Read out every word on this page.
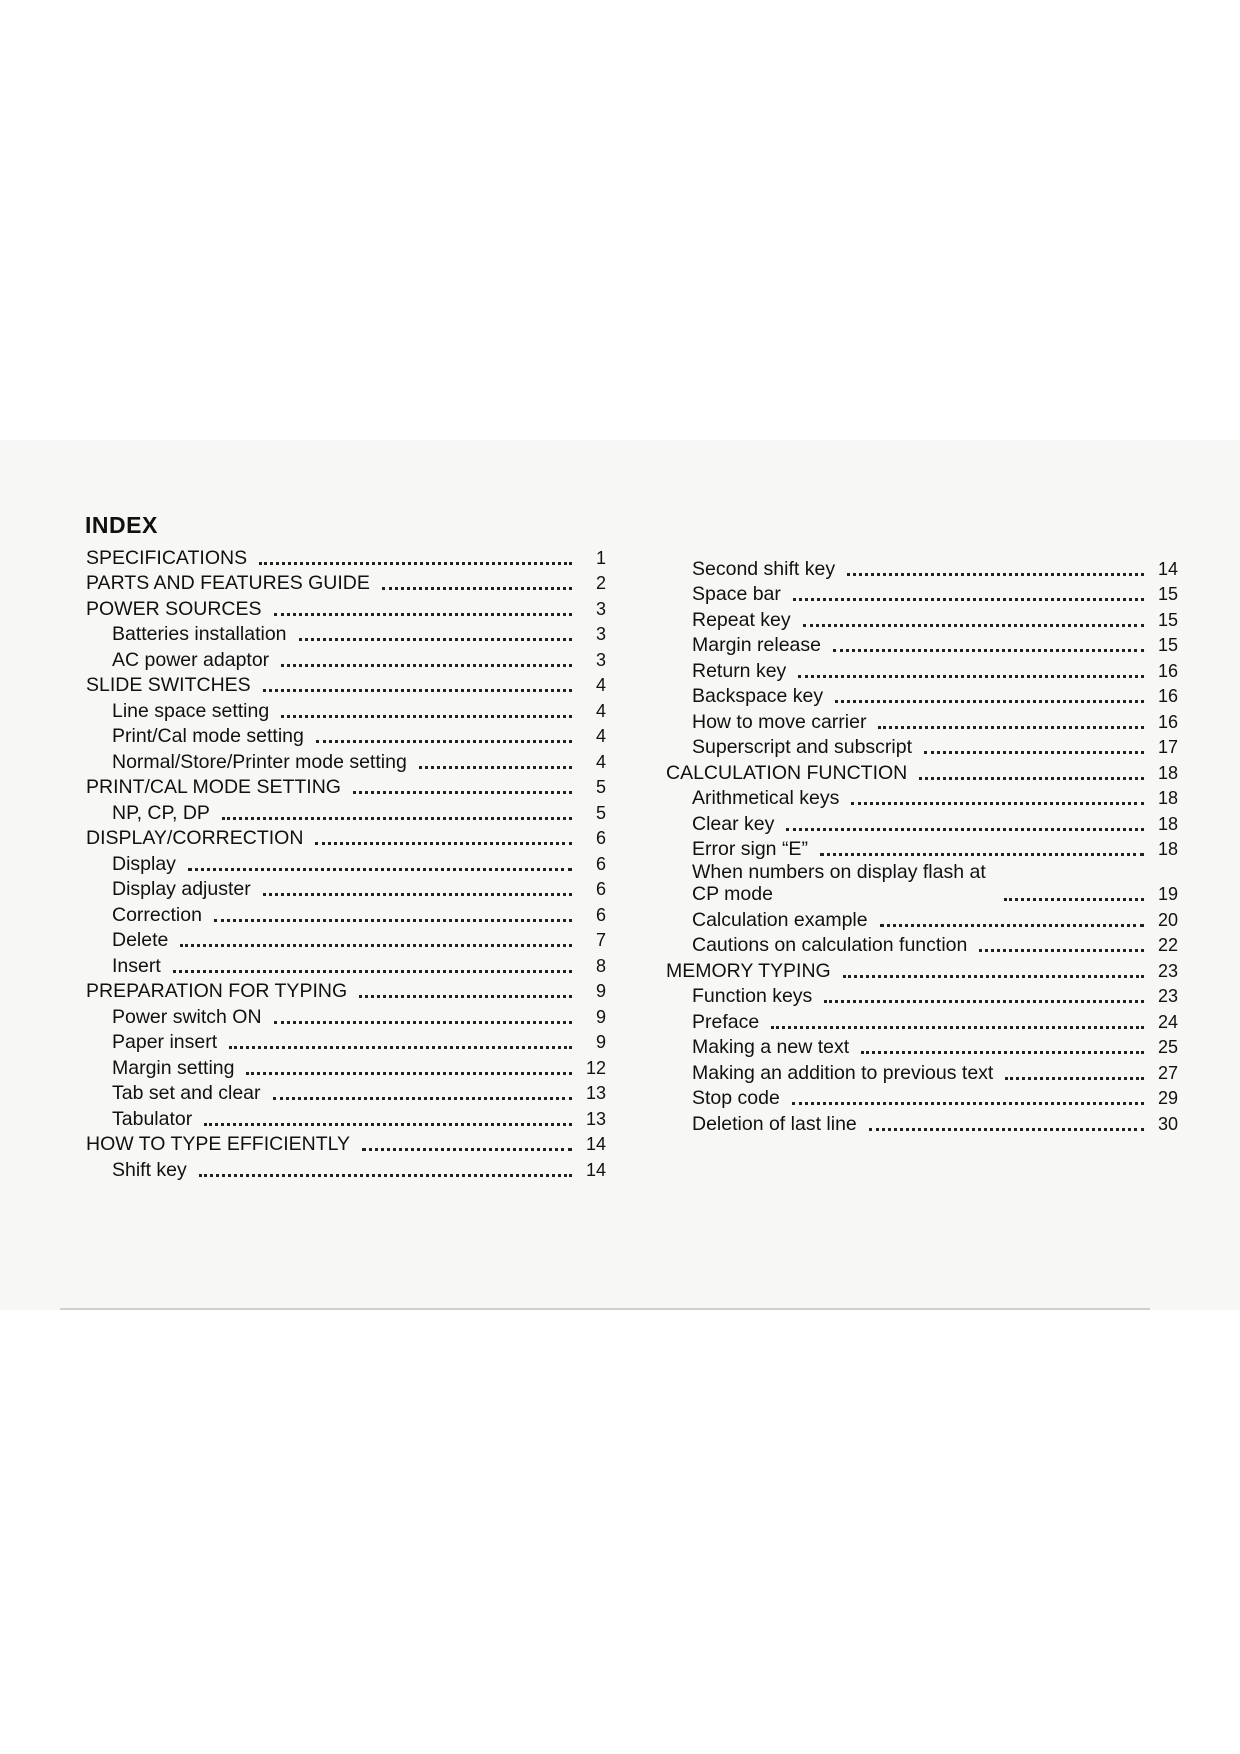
INDEX
SPECIFICATIONS	1
PARTS AND FEATURES GUIDE	2
POWER SOURCES	3
Batteries installation	3
AC power adaptor	3
SLIDE SWITCHES	4
Line space setting	4
Print/Cal mode setting	4
Normal/Store/Printer mode setting	4
PRINT/CAL MODE SETTING	5
NP, CP, DP	5
DISPLAY/CORRECTION	6
Display	6
Display adjuster	6
Correction	6
Delete	7
Insert	8
PREPARATION FOR TYPING	9
Power switch ON	9
Paper insert	9
Margin setting	12
Tab set and clear	13
Tabulator	13
HOW TO TYPE EFFICIENTLY	14
Shift key	14
Second shift key	14
Space bar	15
Repeat key	15
Margin release	15
Return key	16
Backspace key	16
How to move carrier	16
Superscript and subscript	17
CALCULATION FUNCTION	18
Arithmetical keys	18
Clear key	18
Error sign “E”	18
When numbers on display flash at CP mode	19
Calculation example	20
Cautions on calculation function	22
MEMORY TYPING	23
Function keys	23
Preface	24
Making a new text	25
Making an addition to previous text	27
Stop code	29
Deletion of last line	30
